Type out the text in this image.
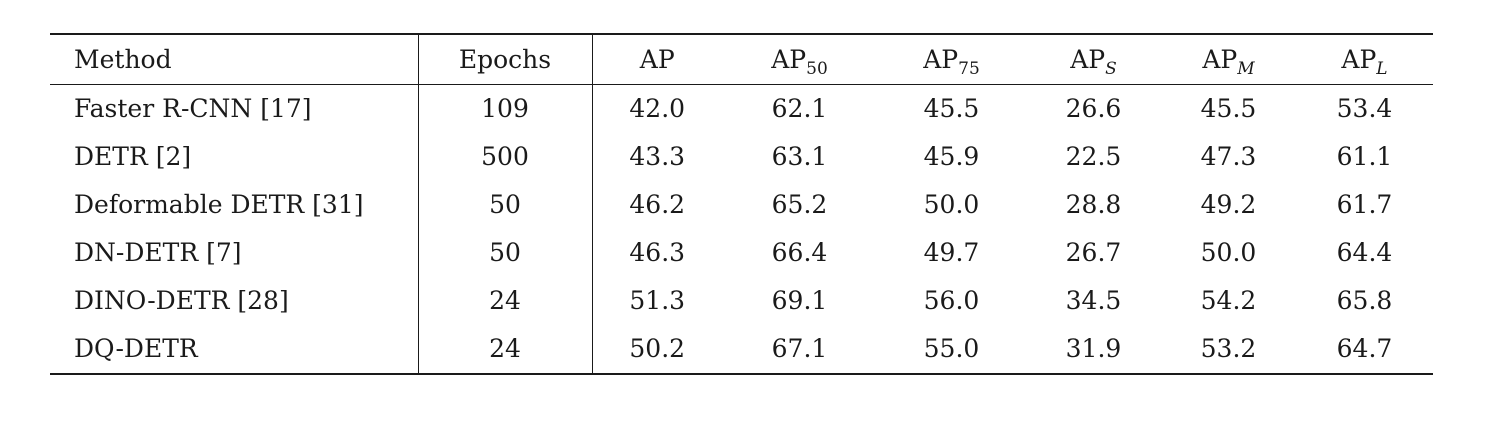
Method	Epochs	AP	$AP_{50}$	$AP_{75}$	$AP_S$	$AP_M$	$AP_L$
Faster R-CNN [17]	109	42.0	62.1	45.5	26.6	45.5	53.4
DETR [2]	500	43.3	63.1	45.9	22.5	47.3	61.1
Deformable DETR [31]	50	46.2	65.2	50.0	28.8	49.2	61.7
DN-DETR [7]	50	46.3	66.4	49.7	26.7	50.0	64.4
DINO-DETR [28]	24	51.3	69.1	56.0	34.5	54.2	65.8
DQ-DETR	24	50.2	67.1	55.0	31.9	53.2	64.7
